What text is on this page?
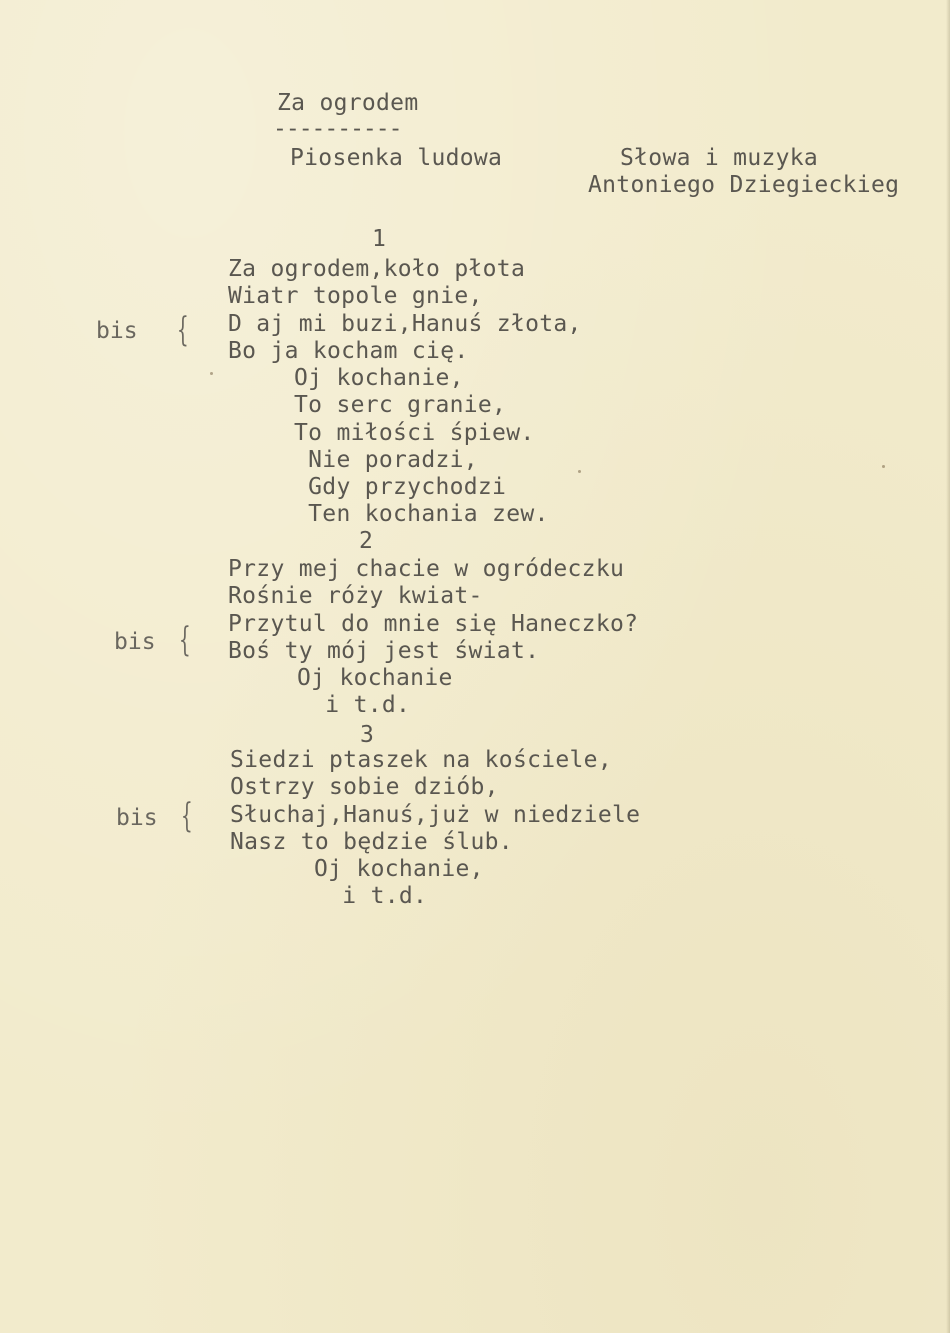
Za ogrodem
----------
Piosenka ludowa	Słowa i muzyka
Antoniego Dziegieckieg
1
Za ogrodem,koło płota
Wiatr topole gnie,
D aj mi buzi,Hanuś złota,
Bo ja kocham cię.
Oj kochanie,
To serc granie,
To miłości śpiew.
Nie poradzi,
Gdy przychodzi
Ten kochania zew.
bis {
2
Przy mej chacie w ogródeczku
Rośnie róży kwiat-
Przytul do mnie się Haneczko?
Boś ty mój jest świat.
Oj kochanie
i t.d.
bis {
3
Siedzi ptaszek na kościele,
Ostrzy sobie dziób,
Słuchaj,Hanuś,już w niedziele
Nasz to będzie ślub.
Oj kochanie,
i t.d.
bis {
